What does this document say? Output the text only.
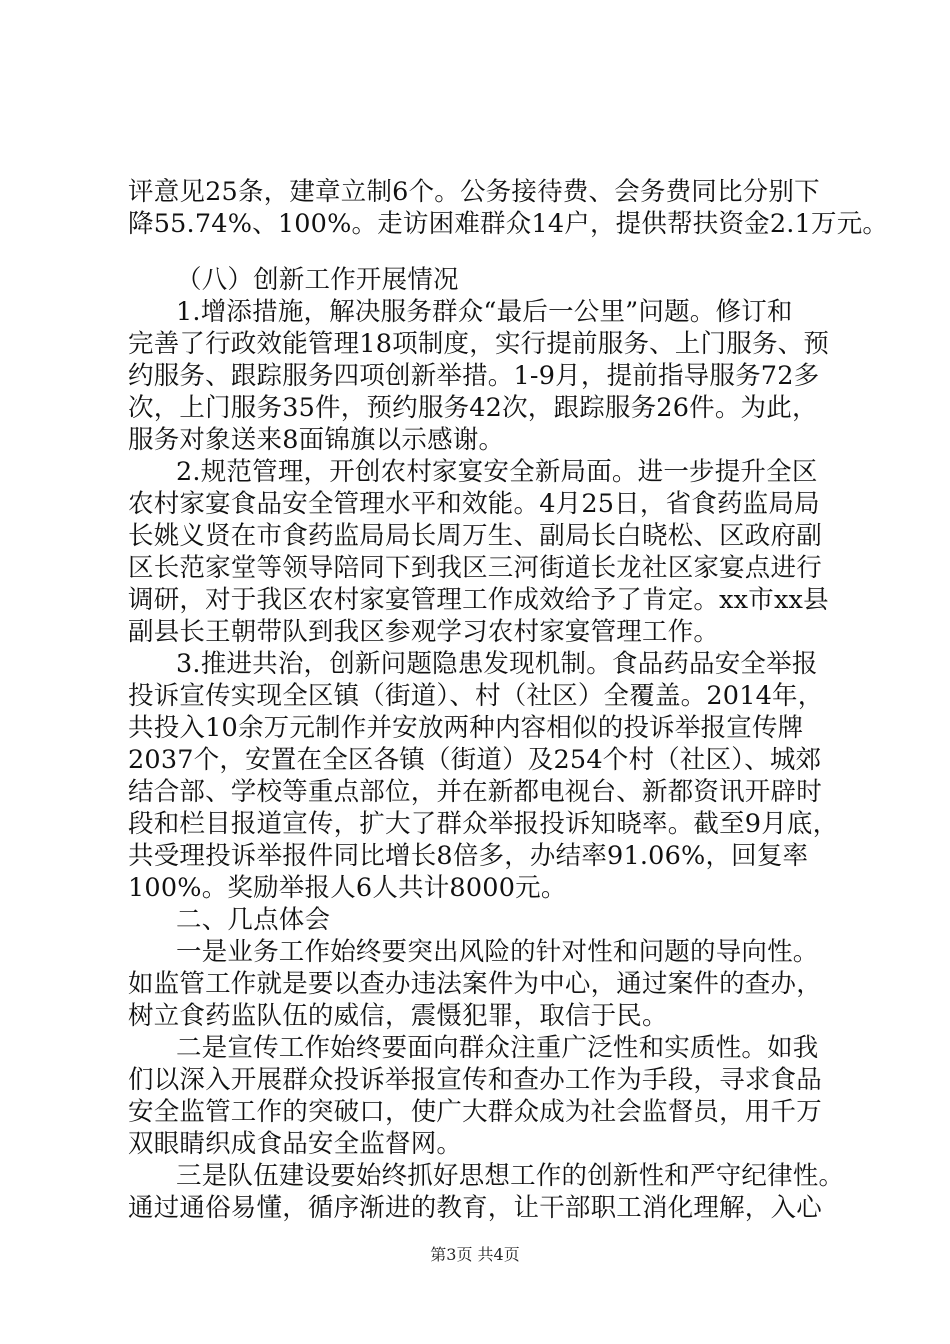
评意见25条，建章立制6个。公务接待费、会务费同比分别下
降55.74%、100%。走访困难群众14户，提供帮扶资金2.1万元。
（八）创新工作开展情况
1.增添措施，解决服务群众“最后一公里”问题。修订和
完善了行政效能管理18项制度，实行提前服务、上门服务、预
约服务、跟踪服务四项创新举措。1-9月，提前指导服务72多
次，上门服务35件，预约服务42次，跟踪服务26件。为此，
服务对象送来8面锦旗以示感谢。
2.规范管理，开创农村家宴安全新局面。进一步提升全区
农村家宴食品安全管理水平和效能。4月25日，省食药监局局
长姚义贤在市食药监局局长周万生、副局长白晓松、区政府副
区长范家堂等领导陪同下到我区三河街道长龙社区家宴点进行
调研，对于我区农村家宴管理工作成效给予了肯定。xx市xx县
副县长王朝带队到我区参观学习农村家宴管理工作。
3.推进共治，创新问题隐患发现机制。食品药品安全举报
投诉宣传实现全区镇（街道）、村（社区）全覆盖。2014年，
共投入10余万元制作并安放两种内容相似的投诉举报宣传牌
2037个，安置在全区各镇（街道）及254个村（社区）、城郊
结合部、学校等重点部位，并在新都电视台、新都资讯开辟时
段和栏目报道宣传，扩大了群众举报投诉知晓率。截至9月底，
共受理投诉举报件同比增长8倍多，办结率91.06%，回复率
100%。奖励举报人6人共计8000元。
二、几点体会
一是业务工作始终要突出风险的针对性和问题的导向性。
如监管工作就是要以查办违法案件为中心，通过案件的查办，
树立食药监队伍的威信，震慑犯罪，取信于民。
二是宣传工作始终要面向群众注重广泛性和实质性。如我
们以深入开展群众投诉举报宣传和查办工作为手段，寻求食品
安全监管工作的突破口，使广大群众成为社会监督员，用千万
双眼睛织成食品安全监督网。
三是队伍建设要始终抓好思想工作的创新性和严守纪律性。
通过通俗易懂，循序渐进的教育，让干部职工消化理解，入心
第3页 共4页
